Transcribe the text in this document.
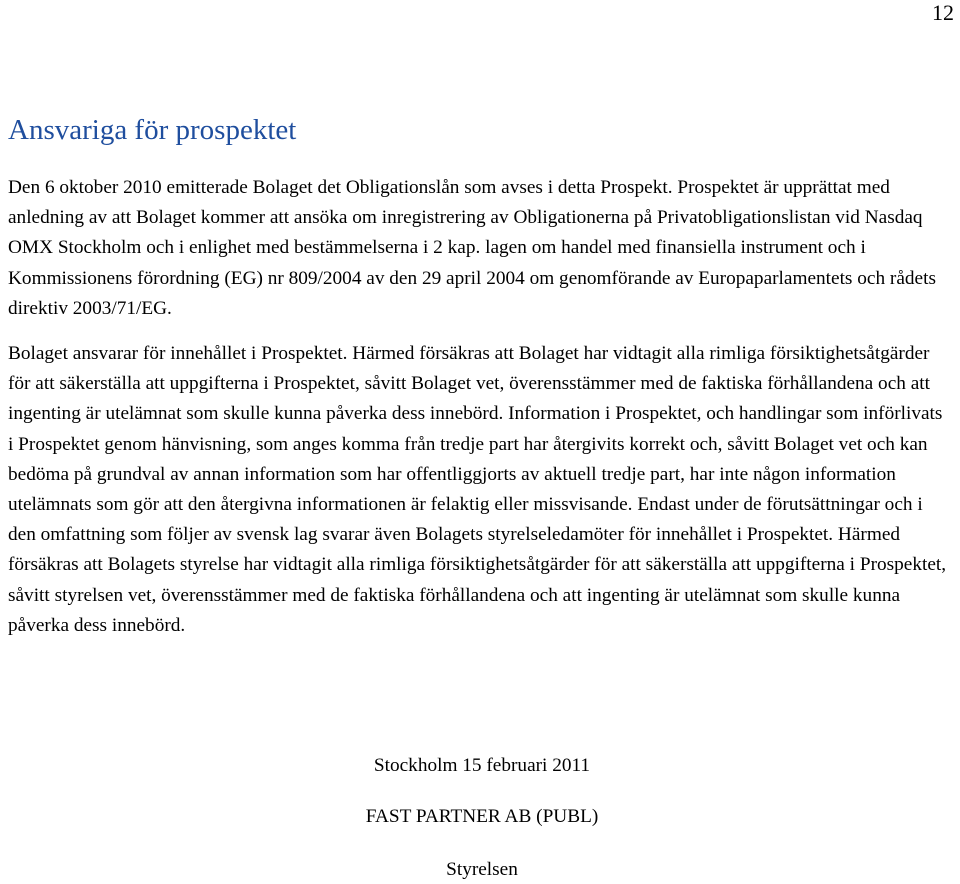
12
Ansvariga för prospektet

Den 6 oktober 2010 emitterade Bolaget det Obligationslån som avses i detta Prospekt. Prospektet är upprättat med anledning av att Bolaget kommer att ansöka om inregistrering av Obligationerna på Privatobligationslistan vid Nasdaq OMX Stockholm och i enlighet med bestämmelserna i 2 kap. lagen om handel med finansiella instrument och i Kommissionens förordning (EG) nr 809/2004 av den 29 april 2004 om genomförande av Europaparlamentets och rådets direktiv 2003/71/EG.

Bolaget ansvarar för innehållet i Prospektet. Härmed försäkras att Bolaget har vidtagit alla rimliga försiktighetsåtgärder för att säkerställa att uppgifterna i Prospektet, såvitt Bolaget vet, överensstämmer med de faktiska förhållandena och att ingenting är utelämnat som skulle kunna påverka dess innebörd. Information i Prospektet, och handlingar som införlivats i Prospektet genom hänvisning, som anges komma från tredje part har återgivits korrekt och, såvitt Bolaget vet och kan bedöma på grundval av annan information som har offentliggjorts av aktuell tredje part, har inte någon information utelämnats som gör att den återgivna informationen är felaktig eller missvisande. Endast under de förutsättningar och i den omfattning som följer av svensk lag svarar även Bolagets styrelseledamöter för innehållet i Prospektet. Härmed försäkras att Bolagets styrelse har vidtagit alla rimliga försiktighetsåtgärder för att säkerställa att uppgifterna i Prospektet, såvitt styrelsen vet, överensstämmer med de faktiska förhållandena och att ingenting är utelämnat som skulle kunna påverka dess innebörd.

Stockholm 15 februari 2011
FAST PARTNER AB (PUBL)
Styrelsen
